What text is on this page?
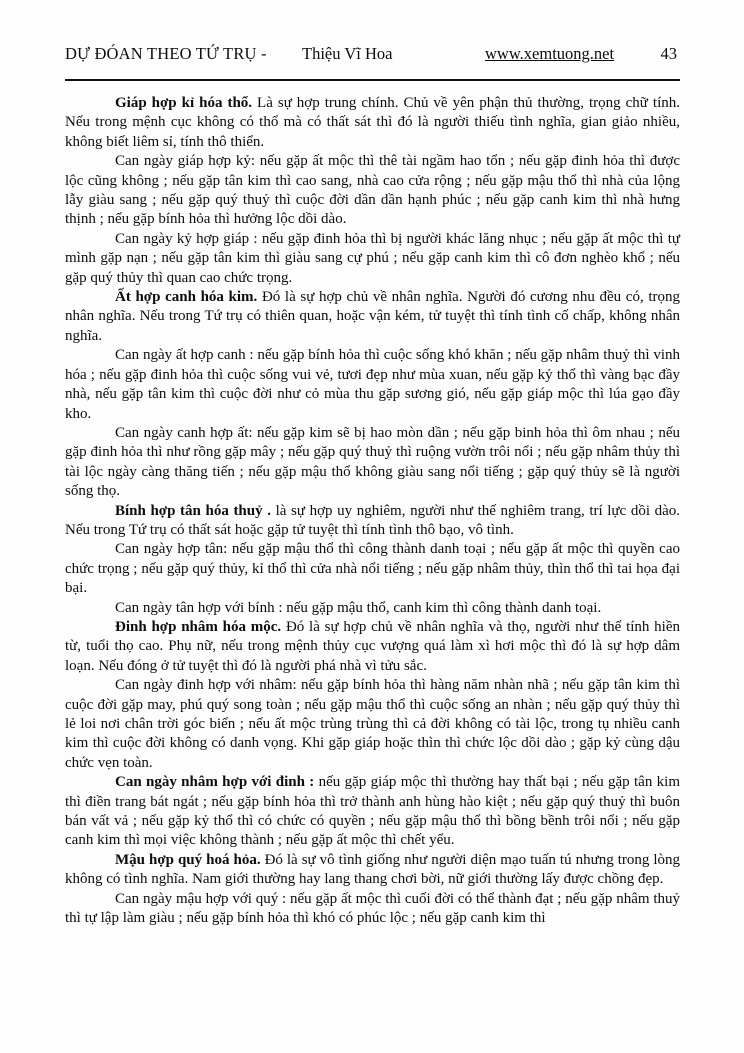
DỰ ĐÓAN THEO TỨ TRỤ - Thiệu Vĩ Hoa	www.xemtuong.net	43

Giáp hợp kỉ hóa thổ. Là sự hợp trung chính. Chủ về yên phận thủ thường, trọng chữ tính. Nếu trong mệnh cục không có thổ mà có thất sát thì đó là người thiếu tình nghĩa, gian giảo nhiều, không biết liêm sỉ, tính thô thiển.

Can ngày giáp hợp kỷ: nếu gặp ất mộc thì thê tài ngầm hao tổn ; nếu gặp đinh hỏa thì được lộc cũng không ; nếu gặp tân kim thì cao sang, nhà cao cửa rộng ; nếu gặp mậu thổ thì nhà của lộng lẫy giàu sang ; nếu gặp quý thuỷ thì cuộc đời dần dần hạnh phúc ; nếu gặp canh kim thì nhà hưng thịnh ; nếu gặp bính hỏa thì hưởng lộc dồi dào.

Can ngày kỷ hợp giáp : nếu gặp đinh hỏa thì bị người khác lăng nhục ; nếu gặp ất mộc thì tự mình gặp nạn ; nếu gặp tân kim thì giàu sang cự phú ; nếu gặp canh kim thì cô đơn nghèo khổ ; nếu gặp quý thủy thì quan cao chức trọng.

Ất hợp canh hóa kim. Đó là sự hợp chủ về nhân nghĩa. Người đó cương nhu đều có, trọng nhân nghĩa. Nếu trong Tứ trụ có thiên quan, hoặc vận kém, tử tuyệt thì tính tình cố chấp, không nhân nghĩa.

Can ngày ất hợp canh : nếu gặp bính hỏa thì cuộc sống khó khăn ; nếu gặp nhâm thuỷ thì vinh hóa ; nếu gặp đinh hỏa thì cuộc sống vui vẻ, tươi đẹp như mùa xuan, nếu gặp kỷ thổ thì vàng bạc đầy nhà, nếu gặp tân kim thì cuộc đời như cỏ mùa thu gặp sương gió, nếu gặp giáp mộc thì lúa gạo đầy kho.

Can ngày canh hợp ất: nếu gặp kim sẽ bị hao mòn dần ; nếu gặp binh hỏa thì ôm nhau ; nếu gặp đinh hỏa thì như rồng gặp mây ; nếu gặp quý thuỷ thì ruộng vườn trôi nổi ; nếu gặp nhâm thủy thì tài lộc ngày càng thăng tiến ; nếu gặp mậu thổ không giàu sang nổi tiếng ; gặp quý thủy sẽ là người sống thọ.

Bính hợp tân hóa thuỷ . là sự hợp uy nghiêm, người như thế nghiêm trang, trí lực dồi dào. Nếu trong Tứ trụ có thất sát hoặc gặp tử tuyệt thì tính tình thô bạo, vô tình.

Can ngày hợp tân: nếu gặp mậu thổ thì công thành danh toại ; nếu gặp ất mộc thì quyền cao chức trọng ; nếu gặp quý thủy, kỉ thổ thì cửa nhà nổi tiếng ; nếu gặp nhâm thủy, thìn thổ thì tai họa đại bại.

Can ngày tân hợp với bính : nếu gặp mậu thổ, canh kim thì công thành danh toại.

Đinh hợp nhâm hóa mộc. Đó là sự hợp chủ về nhân nghĩa và thọ, người như thế tính hiền từ, tuổi thọ cao. Phụ nữ, nếu trong mệnh thủy cục vượng quá làm xì hơi mộc thì đó là sự hợp dâm loạn. Nếu đóng ở tử tuyệt thì đó là người phá nhà vì tửu sắc.

Can ngày đinh hợp với nhâm: nếu gặp bính hỏa thì hàng năm nhàn nhã ; nếu gặp tân kim thì cuộc đời gặp may, phú quý song toàn ; nếu gặp mậu thổ thì cuộc sống an nhàn ; nếu gặp quý thủy thì lẻ loi nơi chân trời góc biển ; nếu ất mộc trùng trùng thì cả đời không có tài lộc, trong tụ nhiều canh kim thì cuộc đời không có danh vọng. Khi gặp giáp hoặc thìn thì chức lộc dồi dào ; gặp kỷ cùng dậu chức vẹn toàn.

Can ngày nhâm hợp với đinh : nếu gặp giáp mộc thì thường hay thất bại ; nếu gặp tân kim thì điền trang bát ngát ; nếu gặp bính hỏa thì trở thành anh hùng hào kiệt ; nếu gặp quý thuỷ thì buôn bán vất vả ; nếu gặp kỷ thổ thì có chức có quyền ; nếu gặp mậu thổ thì bồng bềnh trôi nổi ; nếu gặp canh kim thì mọi việc không thành ; nếu gặp ất mộc thì chết yểu.

Mậu hợp quý hoá hỏa. Đó là sự vô tình giống như người diện mạo tuấn tú nhưng trong lòng không có tình nghĩa. Nam giới thường hay lang thang chơi bời, nữ giới thường lấy được chồng đẹp.

Can ngày mậu hợp với quý : nếu gặp ất mộc thì cuối đời có thể thành đạt ; nếu gặp nhâm thuỷ thì tự lập làm giàu ; nếu gặp bính hỏa thì khó có phúc lộc ; nếu gặp canh kim thì
